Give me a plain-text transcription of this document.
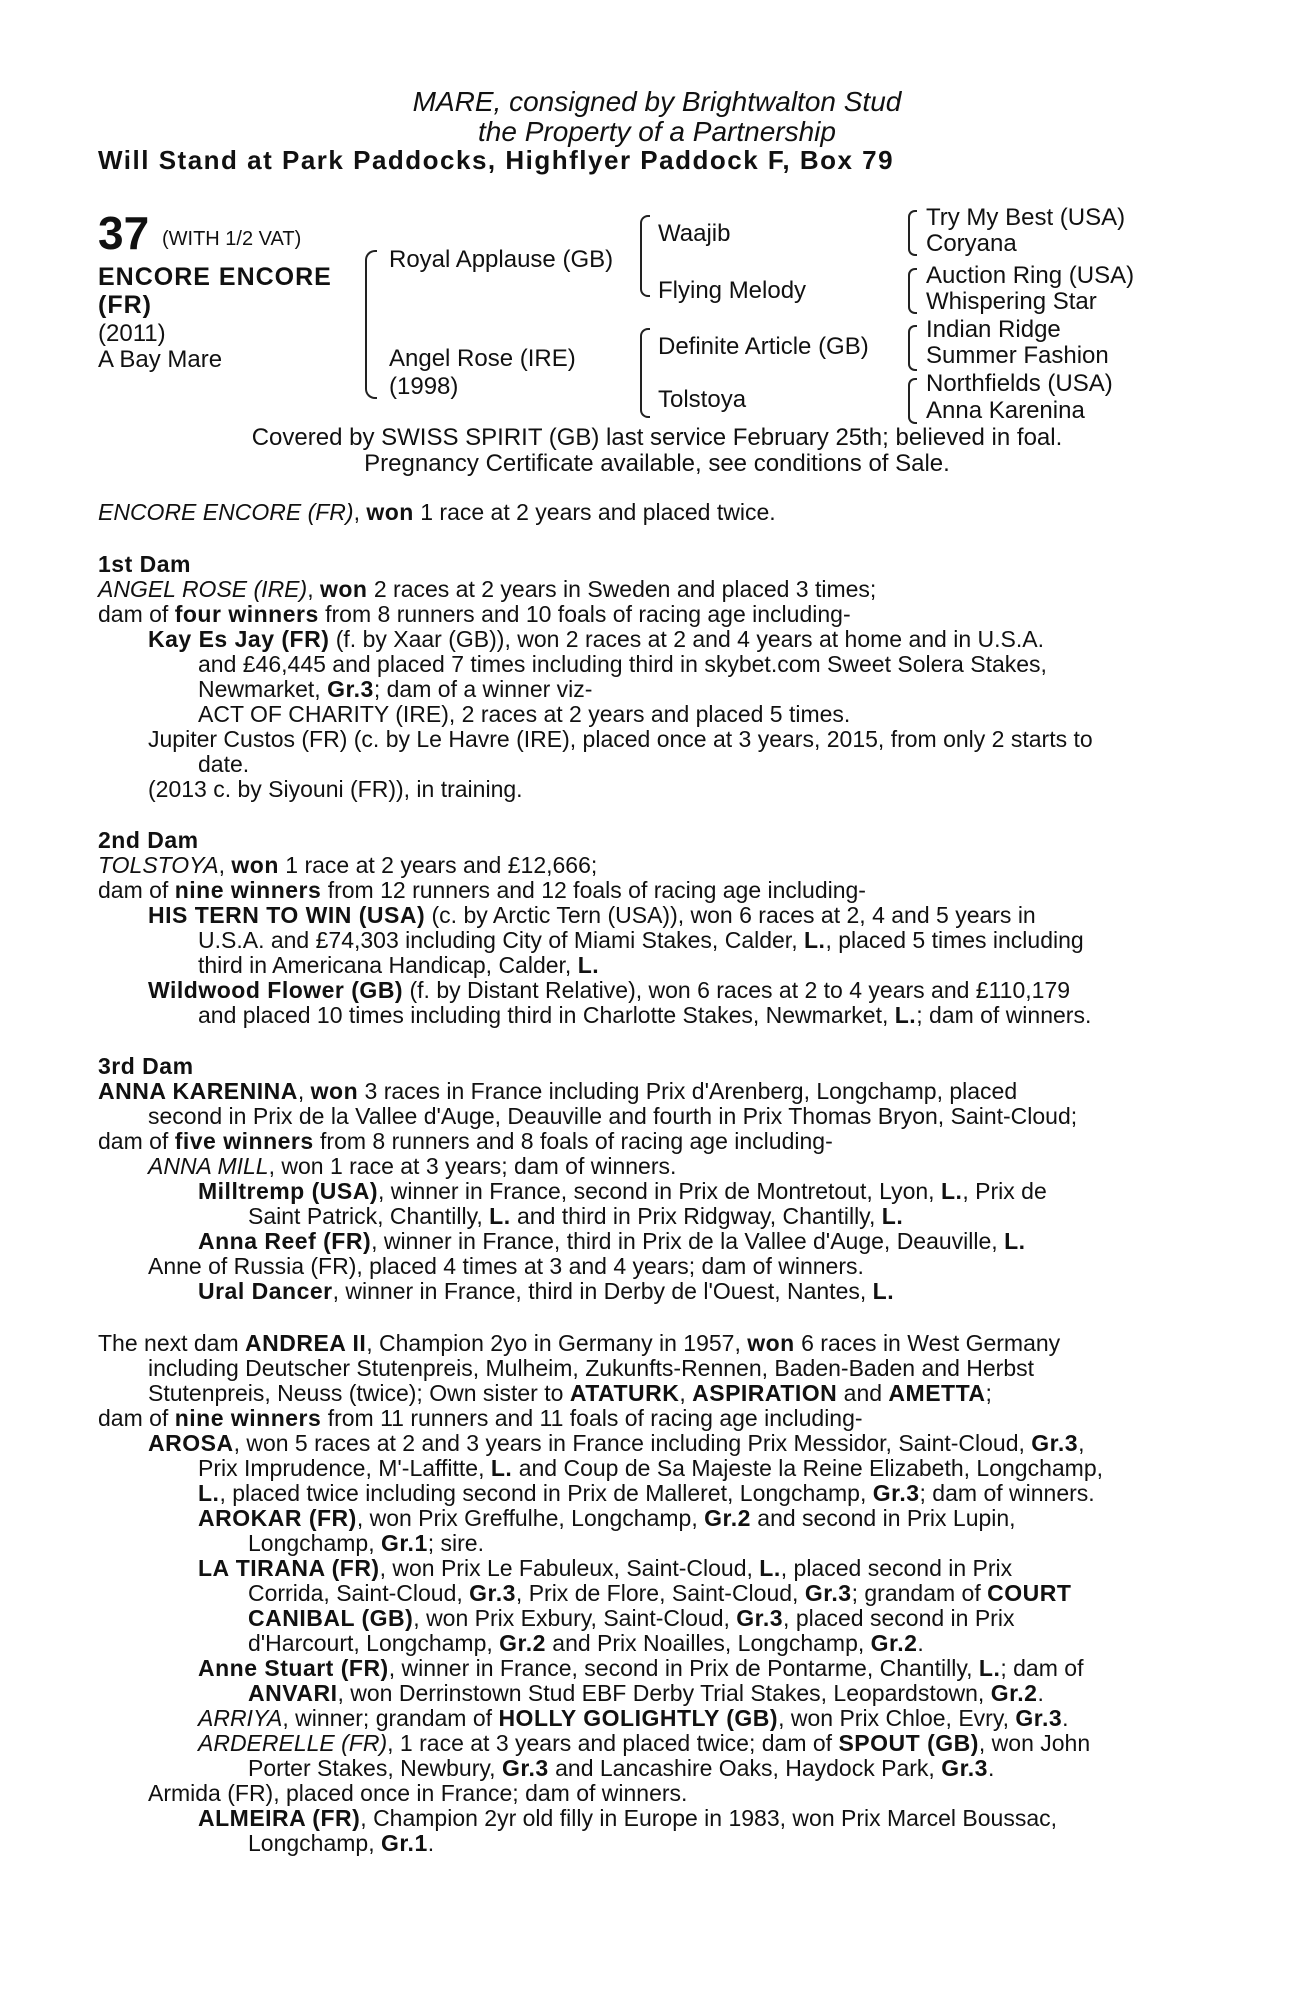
MARE, consigned by Brightwalton Stud
the Property of a Partnership
Will Stand at Park Paddocks, Highflyer Paddock F, Box 79
37 (WITH 1/2 VAT)
ENCORE ENCORE
(FR)
(2011)
A Bay Mare
Royal Applause (GB)
Angel Rose (IRE)
(1998)
Waajib
Flying Melody
Definite Article (GB)
Tolstoya
Try My Best (USA)
Coryana
Auction Ring (USA)
Whispering Star
Indian Ridge
Summer Fashion
Northfields (USA)
Anna Karenina
Covered by SWISS SPIRIT (GB) last service February 25th; believed in foal.
Pregnancy Certificate available, see conditions of Sale.
ENCORE ENCORE (FR), won 1 race at 2 years and placed twice.
1st Dam
ANGEL ROSE (IRE), won 2 races at 2 years in Sweden and placed 3 times;
dam of four winners from 8 runners and 10 foals of racing age including-
Kay Es Jay (FR) (f. by Xaar (GB)), won 2 races at 2 and 4 years at home and in U.S.A.
and £46,445 and placed 7 times including third in skybet.com Sweet Solera Stakes,
Newmarket, Gr.3; dam of a winner viz-
ACT OF CHARITY (IRE), 2 races at 2 years and placed 5 times.
Jupiter Custos (FR) (c. by Le Havre (IRE), placed once at 3 years, 2015, from only 2 starts to
date.
(2013 c. by Siyouni (FR)), in training.
2nd Dam
TOLSTOYA, won 1 race at 2 years and £12,666;
dam of nine winners from 12 runners and 12 foals of racing age including-
HIS TERN TO WIN (USA) (c. by Arctic Tern (USA)), won 6 races at 2, 4 and 5 years in
U.S.A. and £74,303 including City of Miami Stakes, Calder, L., placed 5 times including
third in Americana Handicap, Calder, L.
Wildwood Flower (GB) (f. by Distant Relative), won 6 races at 2 to 4 years and £110,179
and placed 10 times including third in Charlotte Stakes, Newmarket, L.; dam of winners.
3rd Dam
ANNA KARENINA, won 3 races in France including Prix d'Arenberg, Longchamp, placed
second in Prix de la Vallee d'Auge, Deauville and fourth in Prix Thomas Bryon, Saint-Cloud;
dam of five winners from 8 runners and 8 foals of racing age including-
ANNA MILL, won 1 race at 3 years; dam of winners.
Milltremp (USA), winner in France, second in Prix de Montretout, Lyon, L., Prix de
Saint Patrick, Chantilly, L. and third in Prix Ridgway, Chantilly, L.
Anna Reef (FR), winner in France, third in Prix de la Vallee d'Auge, Deauville, L.
Anne of Russia (FR), placed 4 times at 3 and 4 years; dam of winners.
Ural Dancer, winner in France, third in Derby de l'Ouest, Nantes, L.
The next dam ANDREA II, Champion 2yo in Germany in 1957, won 6 races in West Germany
including Deutscher Stutenpreis, Mulheim, Zukunfts-Rennen, Baden-Baden and Herbst
Stutenpreis, Neuss (twice); Own sister to ATATURK, ASPIRATION and AMETTA;
dam of nine winners from 11 runners and 11 foals of racing age including-
AROSA, won 5 races at 2 and 3 years in France including Prix Messidor, Saint-Cloud, Gr.3,
Prix Imprudence, M'-Laffitte, L. and Coup de Sa Majeste la Reine Elizabeth, Longchamp,
L., placed twice including second in Prix de Malleret, Longchamp, Gr.3; dam of winners.
AROKAR (FR), won Prix Greffulhe, Longchamp, Gr.2 and second in Prix Lupin,
Longchamp, Gr.1; sire.
LA TIRANA (FR), won Prix Le Fabuleux, Saint-Cloud, L., placed second in Prix
Corrida, Saint-Cloud, Gr.3, Prix de Flore, Saint-Cloud, Gr.3; grandam of COURT
CANIBAL (GB), won Prix Exbury, Saint-Cloud, Gr.3, placed second in Prix
d'Harcourt, Longchamp, Gr.2 and Prix Noailles, Longchamp, Gr.2.
Anne Stuart (FR), winner in France, second in Prix de Pontarme, Chantilly, L.; dam of
ANVARI, won Derrinstown Stud EBF Derby Trial Stakes, Leopardstown, Gr.2.
ARRIYA, winner; grandam of HOLLY GOLIGHTLY (GB), won Prix Chloe, Evry, Gr.3.
ARDERELLE (FR), 1 race at 3 years and placed twice; dam of SPOUT (GB), won John
Porter Stakes, Newbury, Gr.3 and Lancashire Oaks, Haydock Park, Gr.3.
Armida (FR), placed once in France; dam of winners.
ALMEIRA (FR), Champion 2yr old filly in Europe in 1983, won Prix Marcel Boussac,
Longchamp, Gr.1.
